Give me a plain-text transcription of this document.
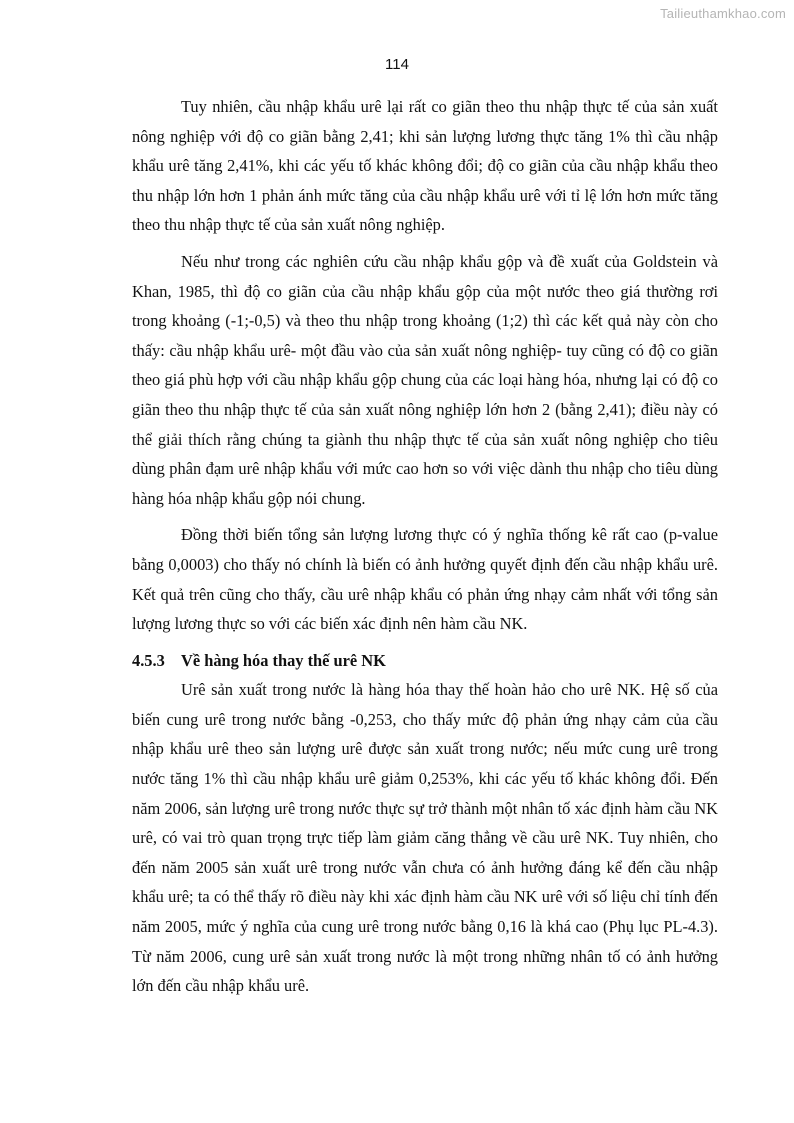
Tailieuthamkhao.com
114

Tuy nhiên, cầu nhập khẩu urê lại rất co giãn theo thu nhập thực tế của sản xuất nông nghiệp với độ co giãn bằng 2,41; khi sản lượng lương thực tăng 1% thì cầu nhập khẩu urê tăng 2,41%, khi các yếu tố khác không đổi; độ co giãn của cầu nhập khẩu theo thu nhập lớn hơn 1 phản ánh mức tăng của cầu nhập khẩu urê với tỉ lệ lớn hơn mức tăng theo thu nhập thực tế của sản xuất nông nghiệp.

Nếu như trong các nghiên cứu cầu nhập khẩu gộp và đề xuất của Goldstein và Khan, 1985, thì độ co giãn của cầu nhập khẩu gộp của một nước theo giá thường rơi trong khoảng (-1;-0,5) và theo thu nhập trong khoảng (1;2) thì các kết quả này còn cho thấy: cầu nhập khẩu urê- một đầu vào của sản xuất nông nghiệp- tuy cũng có độ co giãn theo giá phù hợp với cầu nhập khẩu gộp chung của các loại hàng hóa, nhưng lại có độ co giãn theo thu nhập thực tế của sản xuất nông nghiệp lớn hơn 2 (bằng 2,41); điều này có thể giải thích rằng chúng ta giành thu nhập thực tế của sản xuất nông nghiệp cho tiêu dùng phân đạm urê nhập khẩu với mức cao hơn so với việc dành thu nhập cho tiêu dùng hàng hóa nhập khẩu gộp nói chung.

Đồng thời biến tổng sản lượng lương thực có ý nghĩa thống kê rất cao (p-value bằng 0,0003) cho thấy nó chính là biến có ảnh hưởng quyết định đến cầu nhập khẩu urê. Kết quả trên cũng cho thấy, cầu urê nhập khẩu có phản ứng nhạy cảm nhất với tổng sản lượng lương thực so với các biến xác định nên hàm cầu NK.

4.5.3 Về hàng hóa thay thế urê NK

Urê sản xuất trong nước là hàng hóa thay thế hoàn hảo cho urê NK. Hệ số của biến cung urê trong nước bằng -0,253, cho thấy mức độ phản ứng nhạy cảm của cầu nhập khẩu urê theo sản lượng urê được sản xuất trong nước; nếu mức cung urê trong nước tăng 1% thì cầu nhập khẩu urê giảm 0,253%, khi các yếu tố khác không đổi. Đến năm 2006, sản lượng urê trong nước thực sự trở thành một nhân tố xác định hàm cầu NK urê, có vai trò quan trọng trực tiếp làm giảm căng thẳng về cầu urê NK. Tuy nhiên, cho đến năm 2005 sản xuất urê trong nước vẫn chưa có ảnh hưởng đáng kể đến cầu nhập khẩu urê; ta có thể thấy rõ điều này khi xác định hàm cầu NK urê với số liệu chỉ tính đến năm 2005, mức ý nghĩa của cung urê trong nước bằng 0,16 là khá cao (Phụ lục PL-4.3). Từ năm 2006, cung urê sản xuất trong nước là một trong những nhân tố có ảnh hưởng lớn đến cầu nhập khẩu urê.
